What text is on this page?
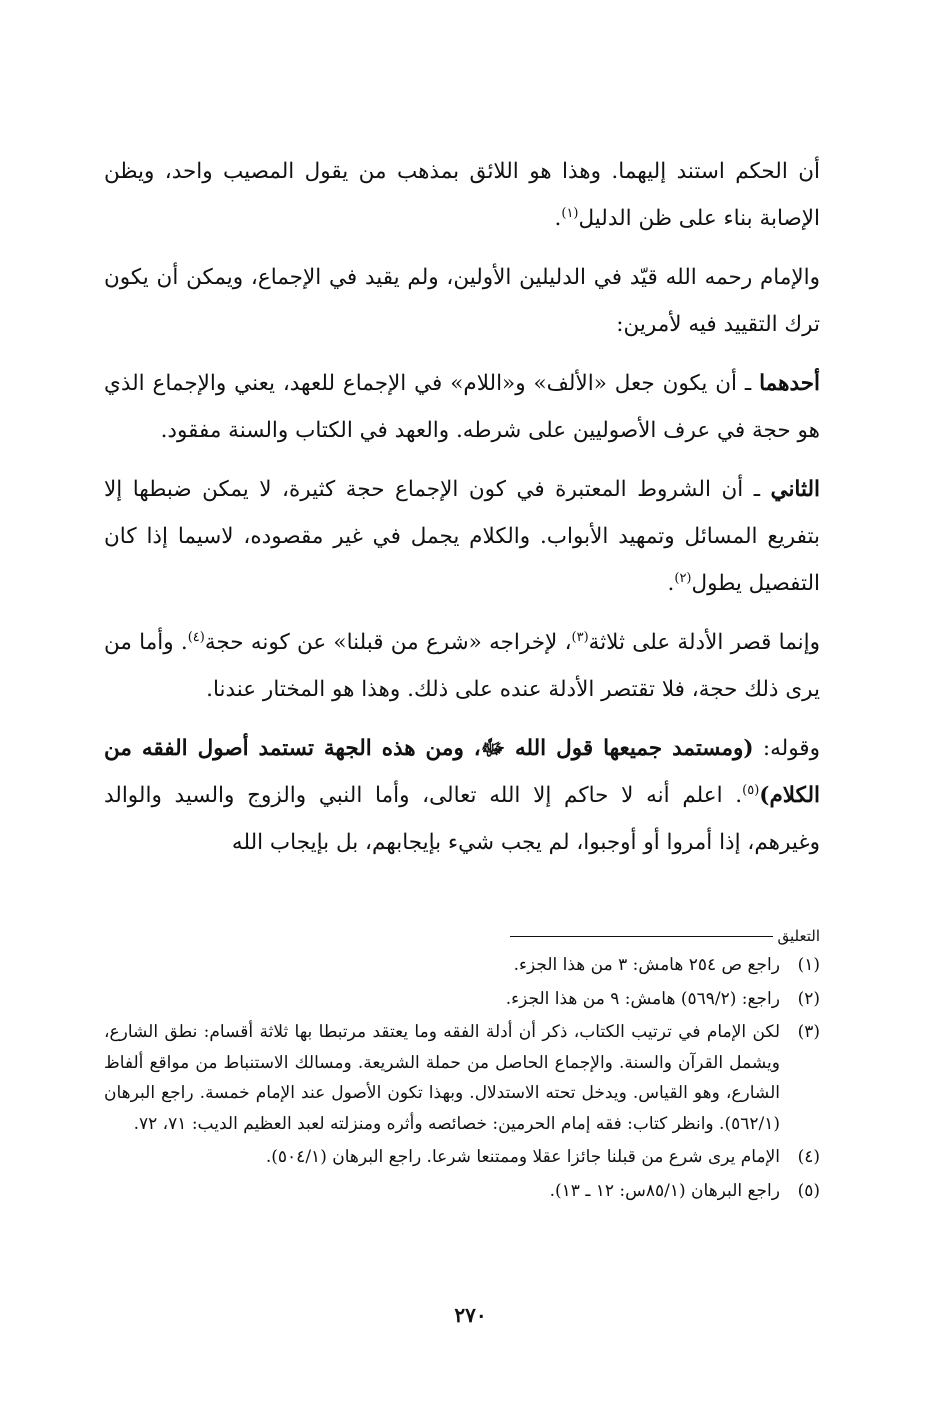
أن الحكم استند إليهما. وهذا هو اللائق بمذهب من يقول المصيب واحد، ويظن الإصابة بناء على ظن الدليل$^{(١)}$.

والإمام رحمه الله قيّد في الدليلين الأولين، ولم يقيد في الإجماع، ويمكن أن يكون ترك التقييد فيه لأمرين:

أحدهما ـ أن يكون جعل «الألف» و«اللام» في الإجماع للعهد، يعني والإجماع الذي هو حجة في عرف الأصوليين على شرطه. والعهد في الكتاب والسنة مفقود.

الثاني ـ أن الشروط المعتبرة في كون الإجماع حجة كثيرة، لا يمكن ضبطها إلا بتفريع المسائل وتمهيد الأبواب. والكلام يجمل في غير مقصوده، لاسيما إذا كان التفصيل يطول$^{(٢)}$.

وإنما قصر الأدلة على ثلاثة$^{(٣)}$، لإخراجه «شرع من قبلنا» عن كونه حجة$^{(٤)}$. وأما من يرى ذلك حجة، فلا تقتصر الأدلة عنده على ذلك. وهذا هو المختار عندنا.

وقوله: (ومستمد جميعها قول الله ﷻ، ومن هذه الجهة تستمد أصول الفقه من الكلام)$^{(٥)}$. اعلم أنه لا حاكم إلا الله تعالى، وأما النبي والزوج والسيد والوالد وغيرهم، إذا أمروا أو أوجبوا، لم يجب شيء بإيجابهم، بل بإيجاب الله

التعليق
(١)
راجع ص ٢٥٤ هامش: ٣ من هذا الجزء.
(٢)
راجع: (٥٦٩/٢) هامش: ٩ من هذا الجزء.
(٣)
لكن الإمام في ترتيب الكتاب، ذكر أن أدلة الفقه وما يعتقد مرتبطا بها ثلاثة أقسام: نطق الشارع، ويشمل القرآن والسنة. والإجماع الحاصل من حملة الشريعة. ومسالك الاستنباط من مواقع ألفاظ الشارع، وهو القياس. ويدخل تحته الاستدلال. وبهذا تكون الأصول عند الإمام خمسة. راجع البرهان (٥٦٢/١). وانظر كتاب: فقه إمام الحرمين: خصائصه وأثره ومنزلته لعبد العظيم الديب: ٧١، ٧٢.
(٤)
الإمام يرى شرع من قبلنا جائزا عقلا وممتنعا شرعا. راجع البرهان (٥٠٤/١).
(٥)
راجع البرهان (٨٥/١س: ١٢ ـ ١٣).
٢٧٠
